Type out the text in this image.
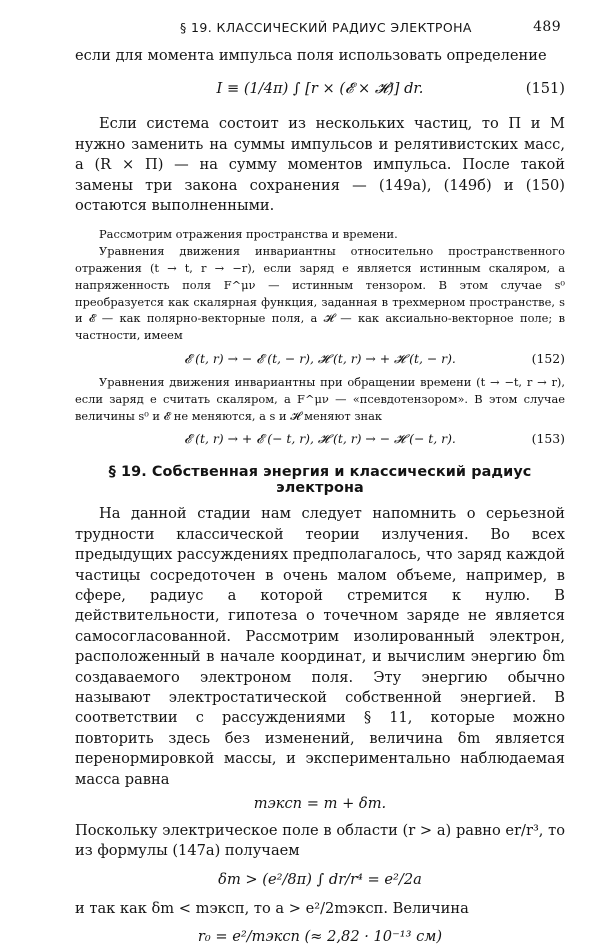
§ 19. КЛАССИЧЕСКИЙ РАДИУС ЭЛЕКТРОНА	489

если для момента импульса поля использовать определение

I ≡ (1/4π) ∫ [r × (𝓔 × 𝓗)] dr.	(151)

Если система состоит из нескольких частиц, то Π и M нужно заменить на суммы импульсов и релятивистских масс, а (R × Π) — на сумму моментов импульса. После такой замены три закона сохранения — (149а), (149б) и (150) остаются выполненными.

Рассмотрим отражения пространства и времени.

Уравнения движения инвариантны относительно пространственного отражения (t → t, r → −r), если заряд e является истинным скаляром, а напряженность поля F^μν — истинным тензором. В этом случае s⁰ преобразуется как скалярная функция, заданная в трехмерном пространстве, s и 𝓔 — как полярно-векторные поля, а 𝓗 — как аксиально-векторное поле; в частности, имеем

𝓔 (t, r) → − 𝓔 (t, − r), 𝓗 (t, r) → + 𝓗 (t, − r).	(152)

Уравнения движения инвариантны при обращении времени (t → −t, r → r), если заряд e считать скаляром, а F^μν — «псевдотензором». В этом случае величины s⁰ и 𝓔 не меняются, а s и 𝓗 меняют знак

𝓔 (t, r) → + 𝓔 (− t, r), 𝓗 (t, r) → − 𝓗 (− t, r).	(153)
§ 19. Собственная энергия и классический радиус электрона

На данной стадии нам следует напомнить о серьезной трудности классической теории излучения. Во всех предыдущих рассуждениях предполагалось, что заряд каждой частицы сосредоточен в очень малом объеме, например, в сфере, радиус a которой стремится к нулю. В действительности, гипотеза о точечном заряде не является самосогласованной. Рассмотрим изолированный электрон, расположенный в начале координат, и вычислим энергию δm создаваемого электроном поля. Эту энергию обычно называют электростатической собственной энергией. В соответствии с рассуждениями § 11, которые можно повторить здесь без изменений, величина δm является перенормировкой массы, и экспериментально наблюдаемая масса равна

mэксп = m + δm.

Поскольку электрическое поле в области (r > a) равно er/r³, то из формулы (147а) получаем

δm > (e²/8π) ∫ dr/r⁴ = e²/2a

и так как δm < mэксп, то a > e²/2mэксп. Величина

r₀ = e²/mэксп (≈ 2,82 · 10⁻¹³ см)
